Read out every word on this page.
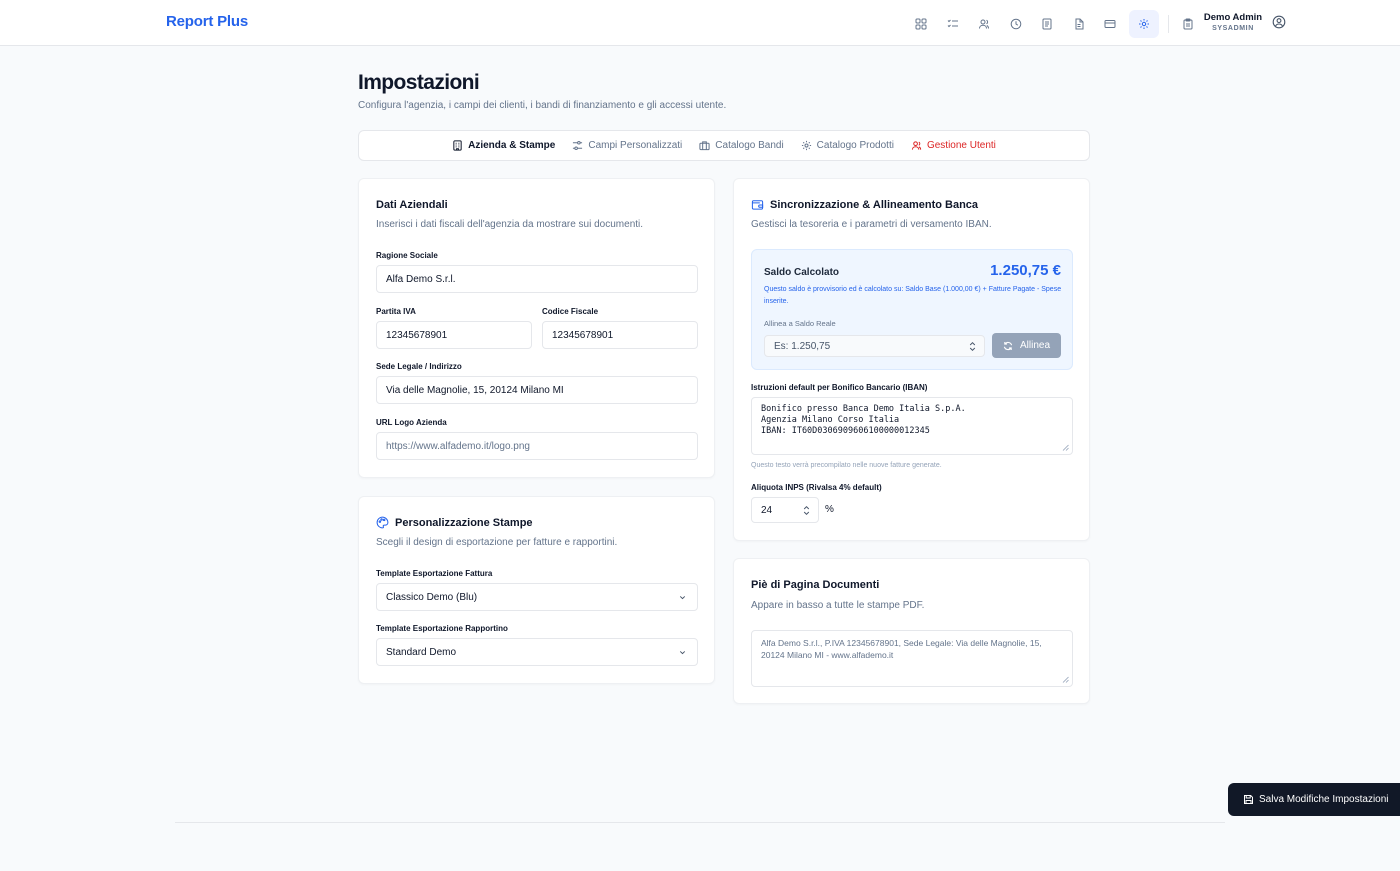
Report Plus	Demo Admin
SYSADMIN
Impostazioni
Configura l'agenzia, i campi dei clienti, i bandi di finanziamento e gli accessi utente.
Azienda & Stampe	Campi Personalizzati	Catalogo Bandi	Catalogo Prodotti	Gestione Utenti
Dati Aziendali
Inserisci i dati fiscali dell'agenzia da mostrare sui documenti.
Ragione Sociale
Alfa Demo S.r.l.
Partita IVA
12345678901
Codice Fiscale
12345678901
Sede Legale / Indirizzo
Via delle Magnolie, 15, 20124 Milano MI
URL Logo Azienda
https://www.alfademo.it/logo.png
Personalizzazione Stampe
Scegli il design di esportazione per fatture e rapportini.
Template Esportazione Fattura
Classico Demo (Blu)
Template Esportazione Rapportino
Standard Demo
Sincronizzazione & Allineamento Banca
Gestisci la tesoreria e i parametri di versamento IBAN.
Saldo Calcolato	1.250,75 €
Questo saldo è provvisorio ed è calcolato su: Saldo Base (1.000,00 €) + Fatture Pagate - Spese inserite.
Allinea a Saldo Reale
Es: 1.250,75	Allinea
Istruzioni default per Bonifico Bancario (IBAN)
Bonifico presso Banca Demo Italia S.p.A.
Agenzia Milano Corso Italia
IBAN: IT60D0306909606100000012345
Questo testo verrà precompilato nelle nuove fatture generate.
Aliquota INPS (Rivalsa 4% default)
24	%
Piè di Pagina Documenti
Appare in basso a tutte le stampe PDF.
Alfa Demo S.r.l., P.IVA 12345678901, Sede Legale: Via delle Magnolie, 15, 20124 Milano MI - www.alfademo.it
Salva Modifiche Impostazioni
